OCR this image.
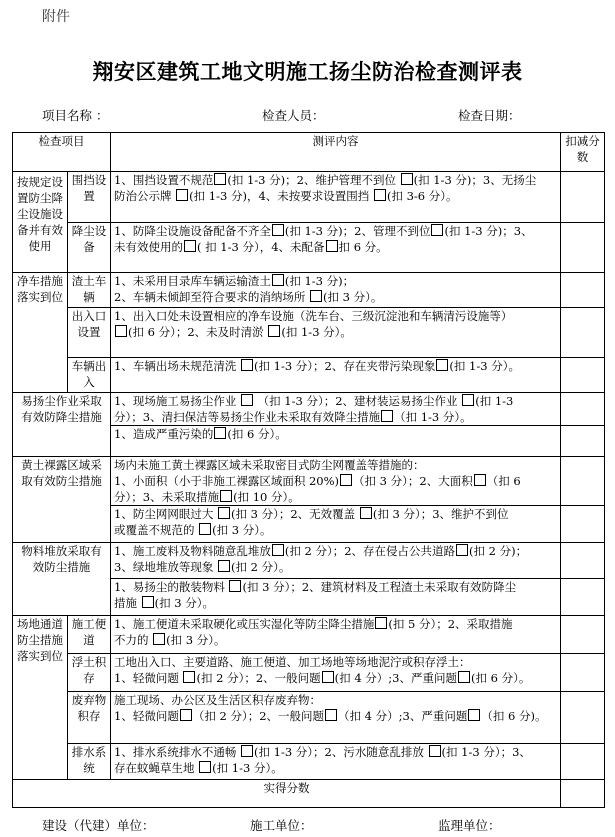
附件
翔安区建筑工地文明施工扬尘防治检查测评表
项目名称 ：	检查人员：	检查日期：
检查项目		测评内容	扣减分数
按规定设置防尘降尘设施设备并有效使用	围挡设置	1、围挡设置不规范 (扣 1-3 分)；2、维护管理不到位 (扣 1-3 分)；3、无扬尘
防治公示牌 (扣 1-3 分)，4、未按要求设置围挡 (扣 3-6 分）。	

	降尘设备	1、防降尘设施设备配备不齐全 (扣 1-3 分)；2、管理不到位 (扣 1-3 分)；3、
未有效使用的 ( 扣 1-3 分），4、未配备 扣 6 分。	

净车措施落实到位	渣土车辆	1、未采用目录库车辆运输渣土 (扣 1-3 分)；
2、车辆未倾卸至符合要求的消纳场所 (扣 3 分）。	

	出入口设置	1、出入口处未设置相应的净车设施（洗车台、三级沉淀池和车辆清污设施等）
(扣 6 分）；2、未及时清淤 (扣 1-3 分）。	

	车辆出入	1、车辆出场未规范清洗 (扣 1-3 分）；2、存在夹带污染现象 (扣 1-3 分）。	

易扬尘作业采取有效防降尘措施		1、现场施工易扬尘作业  （扣 1-3 分）；2、建材装运易扬尘作业 (扣 1-3
分）；3、清扫保洁等易扬尘作业未采取有效降尘措施 （扣 1-3 分）。	

		1、造成严重污染的 (扣 6 分）。	

黄土裸露区域采取有效防尘措施		场内未施工黄土裸露区域未采取密目式防尘网覆盖等措施的：
1、小面积（小于非施工裸露区域面积 20%) （扣 3 分）；2、大面积 （扣 6
分）；3、未采取措施 (扣 10 分）。	

		1、防尘网网眼过大 (扣 3 分）；2、无效覆盖 (扣 3 分）；3、维护不到位
或覆盖不规范的 (扣 3 分）。	

物料堆放采取有效防尘措施		1、施工废料及物料随意乱堆放 (扣 2 分）；2、存在侵占公共道路 (扣 2 分)；
3、绿地堆放等现象 (扣 2 分）。	

		1、易扬尘的散装物料 (扣 3 分）；2、建筑材料及工程渣土未采取有效防降尘
措施 (扣 3 分）。	

场地通道防尘措施落实到位	施工便道	1、施工便道未采取硬化或压实湿化等防尘降尘措施 (扣 5 分）；2、采取措施
不力的 (扣 3 分）。	

	浮土积存	工地出入口、主要道路、施工便道、加工场地等场地泥泞或积存浮土：
1、轻微问题 (扣 2 分）；2、一般问题 (扣 4 分）;3、严重问题 (扣 6 分）。	

	废弃物积存	施工现场、办公区及生活区积存废弃物：
1、轻微问题 （扣 2 分）；2、一般问题 （扣 4 分）;3、严重问题 （扣 6 分)。	

	排水系统	1、排水系统排水不通畅 (扣 1-3 分）；2、污水随意乱排放 (扣 1-3 分）；3、
存在蚊蝇草生地 (扣 1-3 分）。	

实得分数			
建设（代建）单位：	施工单位：	监理单位：
